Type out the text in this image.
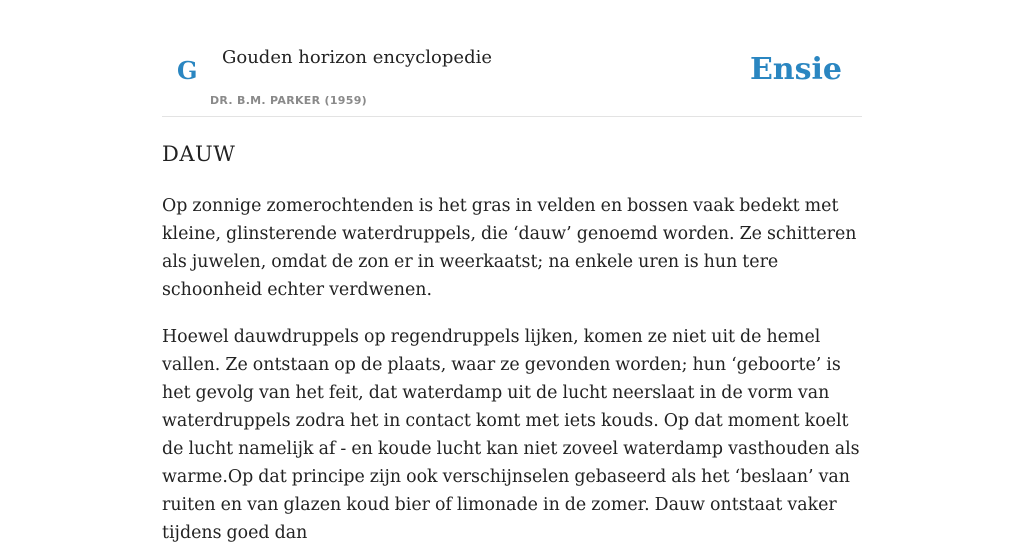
G Gouden horizon encyclopedie
DR. B.M. PARKER (1959)
Ensie
DAUW

Op zonnige zomerochtenden is het gras in velden en bossen vaak bedekt met kleine, glinsterende waterdruppels, die ‘dauw’ genoemd worden. Ze schitteren als juwelen, omdat de zon er in weerkaatst; na enkele uren is hun tere schoonheid echter verdwenen.

Hoewel dauwdruppels op regendruppels lijken, komen ze niet uit de hemel vallen. Ze ontstaan op de plaats, waar ze gevonden worden; hun ‘geboorte’ is het gevolg van het feit, dat waterdamp uit de lucht neerslaat in de vorm van waterdruppels zodra het in contact komt met iets kouds. Op dat moment koelt de lucht namelijk af - en koude lucht kan niet zoveel waterdamp vasthouden als warme.Op dat principe zijn ook verschijnselen gebaseerd als het ‘beslaan’ van ruiten en van glazen koud bier of limonade in de zomer. Dauw ontstaat vaker tijdens goed dan
